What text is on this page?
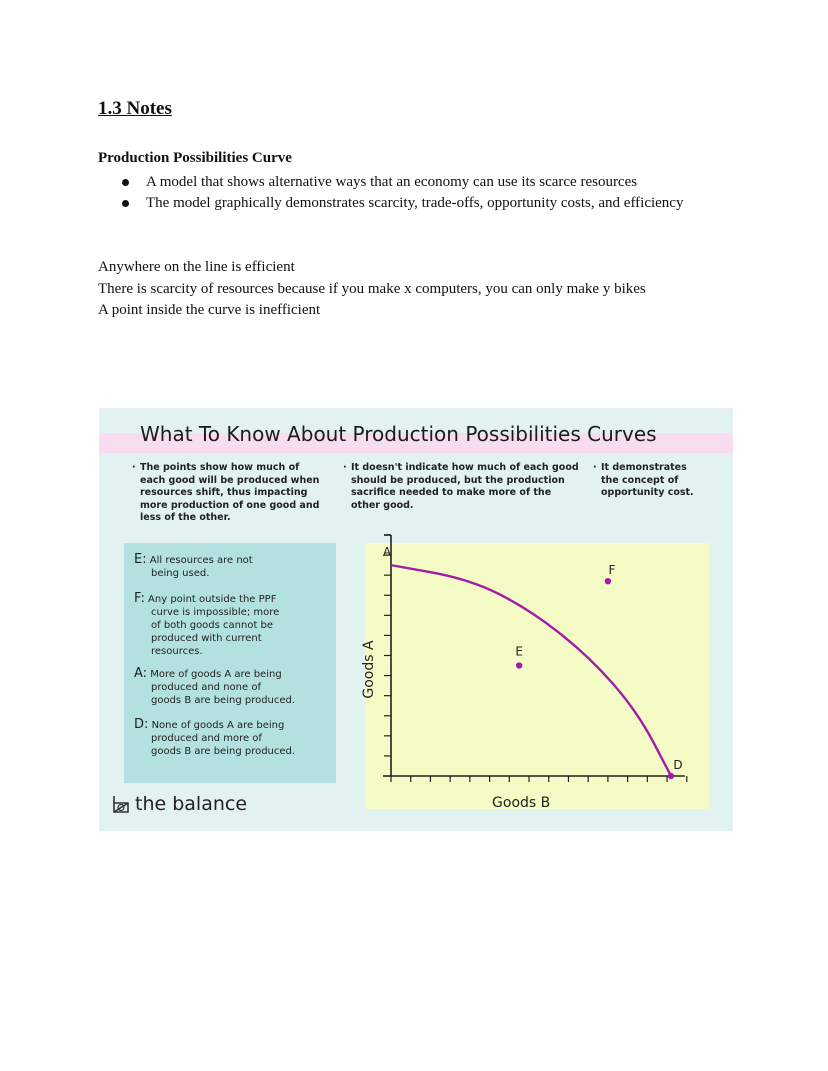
1.3 Notes
Production Possibilities Curve
A model that shows alternative ways that an economy can use its scarce resources
The model graphically demonstrates scarcity, trade-offs, opportunity costs, and efficiency

Anywhere on the line is efficient

There is scarcity of resources because if you make x computers, you can only make y bikes

A point inside the curve is inefficient

What To Know About Production Possibilities Curves
· The points show how much of
each good will be produced when
resources shift, thus impacting
more production of one good and
less of the other.
· It doesn't indicate how much of each good
should be produced, but the production
sacrifice needed to make more of the
other good.
· It demonstrates
the concept of
opportunity cost.
E: All resources are not
being used.
F: Any point outside the PPF
curve is impossible; more
of both goods cannot be
produced with current
resources.
A: More of goods A are being
produced and none of
goods B are being produced.
D: None of goods A are being
produced and more of
goods B are being produced.
Goods B
Goods A
A
E
F
D
the balance
